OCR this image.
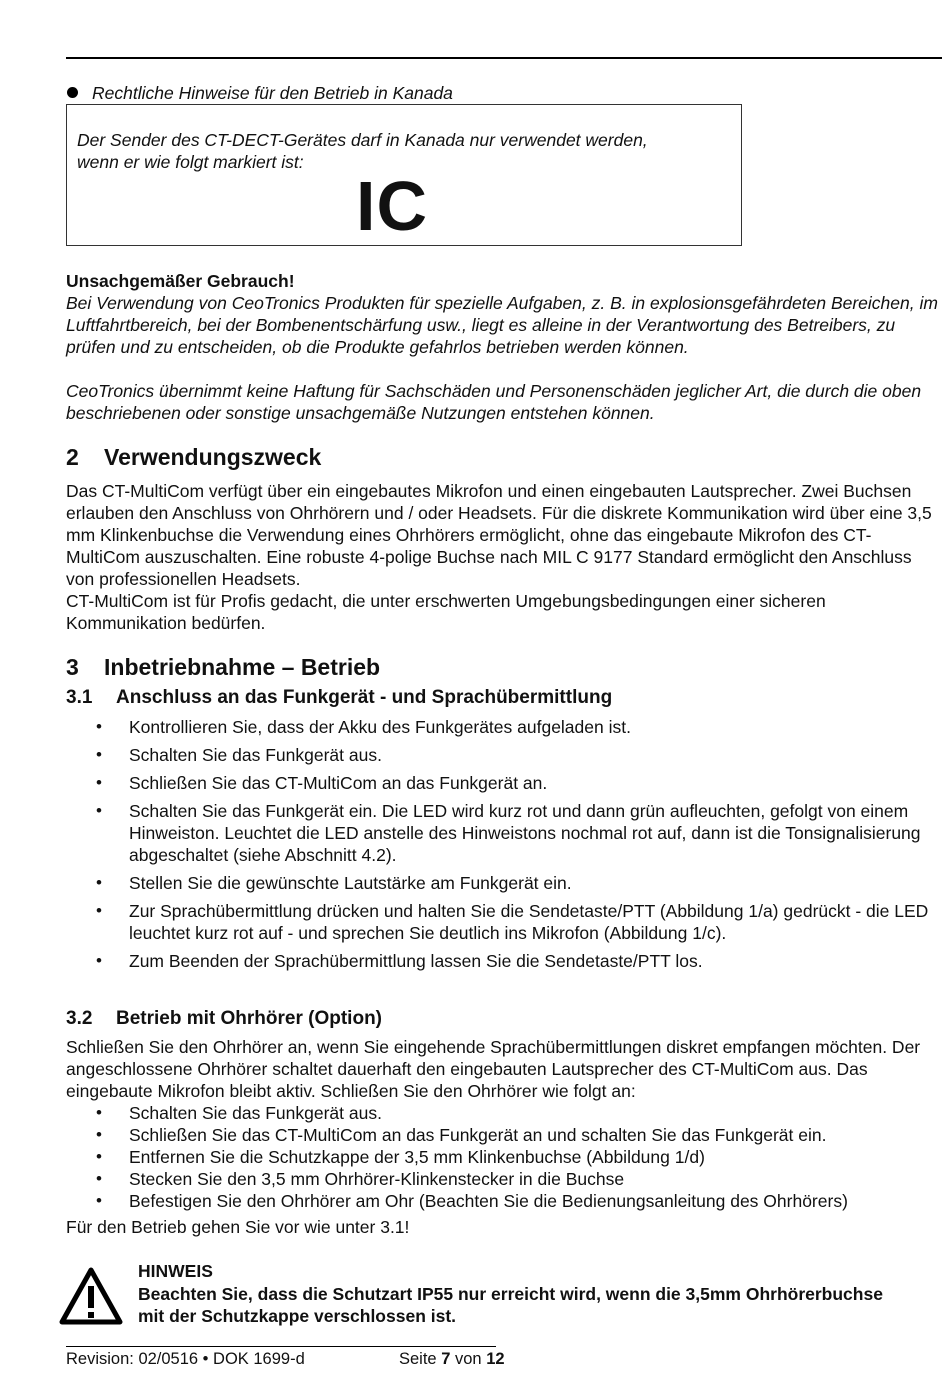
Rechtliche Hinweise für den Betrieb in Kanada
Der Sender des CT-DECT-Gerätes darf in Kanada nur verwendet werden,
wenn er wie folgt markiert ist:
IC
Unsachgemäßer Gebrauch!
Bei Verwendung von CeoTronics Produkten für spezielle Aufgaben, z. B. in explosionsgefährdeten Bereichen, im Luftfahrtbereich, bei der Bombenentschärfung usw., liegt es alleine in der Verantwortung des Betreibers, zu prüfen und zu entscheiden, ob die Produkte gefahrlos betrieben werden können.
CeoTronics übernimmt keine Haftung für Sachschäden und Personenschäden jeglicher Art, die durch die oben beschriebenen oder sonstige unsachgemäße Nutzungen entstehen können.
2 Verwendungszweck
Das CT-MultiCom verfügt über ein eingebautes Mikrofon und einen eingebauten Lautsprecher. Zwei Buchsen erlauben den Anschluss von Ohrhörern und / oder Headsets. Für die diskrete Kommunikation wird über eine 3,5 mm Klinkenbuchse die Verwendung eines Ohrhörers ermöglicht, ohne das eingebaute Mikrofon des CT-MultiCom auszuschalten. Eine robuste 4-polige Buchse nach MIL C 9177 Standard ermöglicht den Anschluss von professionellen Headsets.
CT-MultiCom ist für Profis gedacht, die unter erschwerten Umgebungsbedingungen einer sicheren Kommunikation bedürfen.
3 Inbetriebnahme – Betrieb
3.1 Anschluss an das Funkgerät - und Sprachübermittlung
• Kontrollieren Sie, dass der Akku des Funkgerätes aufgeladen ist.
• Schalten Sie das Funkgerät aus.
• Schließen Sie das CT-MultiCom an das Funkgerät an.
• Schalten Sie das Funkgerät ein. Die LED wird kurz rot und dann grün aufleuchten, gefolgt von einem Hinweiston. Leuchtet die LED anstelle des Hinweistons nochmal rot auf, dann ist die Tonsignalisierung abgeschaltet (siehe Abschnitt 4.2).
• Stellen Sie die gewünschte Lautstärke am Funkgerät ein.
• Zur Sprachübermittlung drücken und halten Sie die Sendetaste/PTT (Abbildung 1/a) gedrückt - die LED leuchtet kurz rot auf - und sprechen Sie deutlich ins Mikrofon (Abbildung 1/c).
• Zum Beenden der Sprachübermittlung lassen Sie die Sendetaste/PTT los.
3.2 Betrieb mit Ohrhörer (Option)
Schließen Sie den Ohrhörer an, wenn Sie eingehende Sprachübermittlungen diskret empfangen möchten. Der angeschlossene Ohrhörer schaltet dauerhaft den eingebauten Lautsprecher des CT-MultiCom aus. Das eingebaute Mikrofon bleibt aktiv. Schließen Sie den Ohrhörer wie folgt an:
• Schalten Sie das Funkgerät aus.
• Schließen Sie das CT-MultiCom an das Funkgerät an und schalten Sie das Funkgerät ein.
• Entfernen Sie die Schutzkappe der 3,5 mm Klinkenbuchse (Abbildung 1/d)
• Stecken Sie den 3,5 mm Ohrhörer-Klinkenstecker in die Buchse
• Befestigen Sie den Ohrhörer am Ohr (Beachten Sie die Bedienungsanleitung des Ohrhörers)
Für den Betrieb gehen Sie vor wie unter 3.1!
HINWEIS
Beachten Sie, dass die Schutzart IP55 nur erreicht wird, wenn die 3,5mm Ohrhörerbuchse mit der Schutzkappe verschlossen ist.
Revision: 02/0516 • DOK 1699-d	Seite 7 von 12
